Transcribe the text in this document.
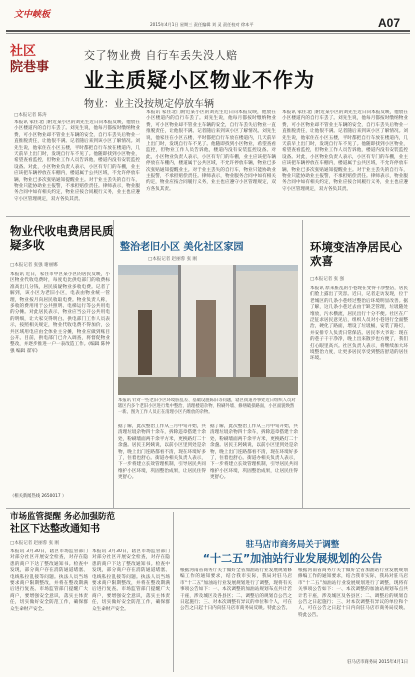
文中峡板
2015年4月1日 星期三 责任编辑 刘 灵 责任校对 徐本平	A07
社区
院巷事
交了物业费 自行车丢失没人赔
业主质疑小区物业不作为
物业：业主没按规定停放车辆
□本报记者 陈涛
本报讯 家住北门附近某小区的刘先生近日向本报反映，他放在小区楼道内的自行车丢了。刘先生说，他每月都按时缴纳物业费，可小区物业却不管业主车辆的安全，自行车丢失后物业一直推脱责任，让他很不满。记者随后来到该小区了解情况。刘先生说，他家住在小区五楼，平时都把自行车放在楼道内，几天前早上出门时，发现自行车不见了。他随即找到小区物业，希望查看监控，但物业工作人员告诉他，楼道内没有安装监控设备。对此，小区物业负责人表示，小区有专门的车棚，业主应该把车辆停放在车棚内，楼道属于公共区域，不允许停放车辆，物业已多次张贴通知提醒业主。对于业主丢失的自行车，物业只能协助业主报警，不承担赔偿责任。律师表示，物业服务合同中如有相关约定，物业应按合同履行义务，业主也应遵守小区管理规定，双方各负其责。
本报讯 家住北门附近某小区的刘先生近日向本报反映，他放在小区楼道内的自行车丢了。刘先生说，他每月都按时缴纳物业费，可小区物业却不管业主车辆的安全，自行车丢失后物业一直推脱责任，让他很不满。记者随后来到该小区了解情况。刘先生说，他家住在小区五楼，平时都把自行车放在楼道内，几天前早上出门时，发现自行车不见了。他随即找到小区物业，希望查看监控，但物业工作人员告诉他，楼道内没有安装监控设备。对此，小区物业负责人表示，小区有专门的车棚，业主应该把车辆停放在车棚内，楼道属于公共区域，不允许停放车辆，物业已多次张贴通知提醒业主。对于业主丢失的自行车，物业只能协助业主报警，不承担赔偿责任。律师表示，物业服务合同中如有相关约定，物业应按合同履行义务，业主也应遵守小区管理规定，双方各负其责。
本报讯 家住北门附近某小区的刘先生近日向本报反映，他放在小区楼道内的自行车丢了。刘先生说，他每月都按时缴纳物业费，可小区物业却不管业主车辆的安全，自行车丢失后物业一直推脱责任，让他很不满。记者随后来到该小区了解情况。刘先生说，他家住在小区五楼，平时都把自行车放在楼道内，几天前早上出门时，发现自行车不见了。他随即找到小区物业，希望查看监控，但物业工作人员告诉他，楼道内没有安装监控设备。对此，小区物业负责人表示，小区有专门的车棚，业主应该把车辆停放在车棚内，楼道属于公共区域，不允许停放车辆，物业已多次张贴通知提醒业主。对于业主丢失的自行车，物业只能协助业主报警，不承担赔偿责任。律师表示，物业服务合同中如有相关约定，物业应按合同履行义务，业主也应遵守小区管理规定，双方各负其责。
物业代收电费居民质疑多收
□本报记者 张强 谢丽娜
本报讯 近日，家住市中区某小区的居民反映，小区物业代收电费时，每度电比供电部门的收费标准高出几分钱，居民质疑物业多收电费。记者了解到，该小区为老旧小区，电表由物业统一管理，物业按月向居民收取电费。物业负责人称，多收的费用用于公共照明、电梯运行等公共用电的分摊。对此居民表示，物业应当公开公共用电的明细，让大家交得明白。供电部门工作人员表示，按照相关规定，物业代收电费不得加价，公共区域用电应由全体业主分摊，物业应做到账目公开。目前，供电部门已介入调查，将督促物业整改，并逐步推进一户一表改造工作。(编辑 陈仲强 编辑 翟军)
（相关新闻热线 2650017 ）
整治老旧小区 美化社区家园
□本报记者 赵丽蓉 张 刚
本报讯 针对一些老旧小区环境脏乱差、基础设施陈旧等问题，辖区街道办事处近日组织人员对辖区内多个老旧小区进行集中整治，清理楼道杂物、粉刷外墙、修缮破损路面，小区面貌焕然一新。图为工作人员正在清理小区内堆放的杂物。
据了解，此次整治工作从三月中旬开始，共清理垃圾杂物四十余车，拆除违章搭建十余处，粉刷墙面两千余平方米，更换路灯二十余盏。居民王阿姨说，以前小区里到处是杂物，晚上出门连路都看不清，现在环境好多了，住着也舒心。街道办相关负责人表示，下一步将建立长效管理机制，引导居民共同维护小区环境，巩固整治成果，让居民住得更舒心。
据了解，此次整治工作从三月中旬开始，共清理垃圾杂物四十余车，拆除违章搭建十余处，粉刷墙面两千余平方米，更换路灯二十余盏。居民王阿姨说，以前小区里到处是杂物，晚上出门连路都看不清，现在环境好多了，住着也舒心。街道办相关负责人表示，下一步将建立长效管理机制，引导居民共同维护小区环境，巩固整治成果，让居民住得更舒心。
环境变洁净居民心欢喜
□本报记者 张 强
本报讯 原来脏乱的小巷现在变得干净整洁，居民们脸上露出了笑容。近日，记者走访发现，位于老城区的几条小巷经过整治后环境明显改善。据了解，这几条小巷过去由于缺乏管理，垃圾随处堆放，污水横流，居民出行十分不便。社区在广泛征求居民意见后，组织人员对小巷进行全面整治，硬化了路面，增设了垃圾桶，安装了路灯，并安排专人负责日常保洁。居民李大爷说：现在的巷子干干净净，晚上出来散步也方便了，我们打心眼里高兴。社区负责人表示，将继续加大环境整治力度，让更多居民享受到整洁舒适的居住环境。
市场监管提醒 务必加强防范
社区下达整改通知书
□本报记者 赵丽蓉 张 刚
本报讯 3月30日，辖区市场监管部门对部分社区开展安全检查，对存在隐患的商户下达了整改通知书。检查中发现，部分商户存在消防通道堵塞、电线私拉乱接等问题。执法人员当场要求商户限期整改，并将在整改期满后进行复查。市场监管部门提醒广大商户，要增强安全意识，落实主体责任，切实做好安全防范工作，确保群众生命财产安全。
本报讯 3月30日，辖区市场监管部门对部分社区开展安全检查，对存在隐患的商户下达了整改通知书。检查中发现，部分商户存在消防通道堵塞、电线私拉乱接等问题。执法人员当场要求商户限期整改，并将在整改期满后进行复查。市场监管部门提醒广大商户，要增强安全意识，落实主体责任，切实做好安全防范工作，确保群众生命财产安全。
驻马店市商务局关于调整
“十二五”加油站行业发展规划的公告
根据河南省商务厅关于做好全省加油站行业发展规划修编工作的通知要求，结合我市实际，我局对驻马店市“十二五”加油站行业发展规划进行了调整，现将有关事项公告如下：一、本次调整的加油站规划布点共计若干座，涉及城区及各县区；二、调整后的规划自公告之日起施行；三、对本次调整有异议的单位和个人，可在公告之日起十日内向驻马店市商务局反映。特此公告。
根据河南省商务厅关于做好全省加油站行业发展规划修编工作的通知要求，结合我市实际，我局对驻马店市“十二五”加油站行业发展规划进行了调整，现将有关事项公告如下：一、本次调整的加油站规划布点共计若干座，涉及城区及各县区；二、调整后的规划自公告之日起施行；三、对本次调整有异议的单位和个人，可在公告之日起十日内向驻马店市商务局反映。特此公告。
驻马店市商务局 2015年4月1日
